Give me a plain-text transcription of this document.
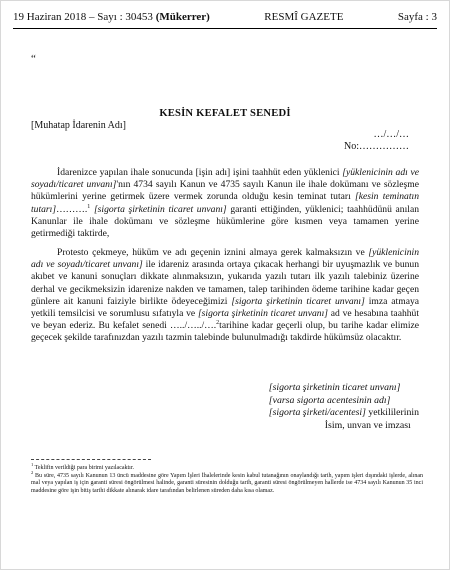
19 Haziran 2018 – Sayı : 30453 (Mükerrer)	RESMÎ GAZETE	Sayfa : 3
“
KESİN KEFALET SENEDİ
[Muhatap İdarenin Adı]
…/…/…
No:……………
İdarenizce yapılan ihale sonucunda [işin adı] işini taahhüt eden yüklenici [yüklenicinin adı ve soyadı/ticaret unvanı]'nın 4734 sayılı Kanun ve 4735 sayılı Kanun ile ihale dokümanı ve sözleşme hükümlerini yerine getirmek üzere vermek zorunda olduğu kesin teminat tutarı [kesin teminatın tutarı]……….$^1$ [sigorta şirketinin ticaret unvanı] garanti ettiğinden, yüklenici; taahhüdünü anılan Kanunlar ile ihale dokümanı ve sözleşme hükümlerine göre kısmen veya tamamen yerine getirmediği taktirde,
Protesto çekmeye, hüküm ve adı geçenin iznini almaya gerek kalmaksızın ve [yüklenicinin adı ve soyadı/ticaret unvanı] ile idareniz arasında ortaya çıkacak herhangi bir uyuşmazlık ve bunun akıbet ve kanuni sonuçları dikkate alınmaksızın, yukarıda yazılı tutarı ilk yazılı talebiniz üzerine derhal ve gecikmeksizin idarenize nakden ve tamamen, talep tarihinden ödeme tarihine kadar geçen günlere ait kanuni faiziyle birlikte ödeyeceğimizi [sigorta şirketinin ticaret unvanı] imza atmaya yetkili temsilcisi ve sorumlusu sıfatıyla ve [sigorta şirketinin ticaret unvanı] ad ve hesabına taahhüt ve beyan ederiz. Bu kefalet senedi …../…../….$^2$tarihine kadar geçerli olup, bu tarihe kadar elimize geçecek şekilde tarafınızdan yazılı tazmin talebinde bulunulmadığı takdirde hükümsüz olacaktır.
[sigorta şirketinin ticaret unvanı]
[varsa sigorta acentesinin adı]
[sigorta şirketi/acentesi] yetkililerinin
İsim, unvan ve imzası
$^1$ Teklifin verildiği para birimi yazılacaktır.
$^2$ Bu süre, 4735 sayılı Kanunun 13 üncü maddesine göre Yapım İşleri İhalelerinde kesin kabul tutanağının onaylandığı tarih, yapım işleri dışındaki işlerde, alınan mal veya yapılan iş için garanti süresi öngörülmesi halinde, garanti süresinin dolduğu tarih, garanti süresi öngörülmeyen hallerde ise 4734 sayılı Kanunun 35 inci maddesine göre işin bitiş tarihi dikkate alınarak idare tarafından belirlenen süreden daha kısa olamaz.
